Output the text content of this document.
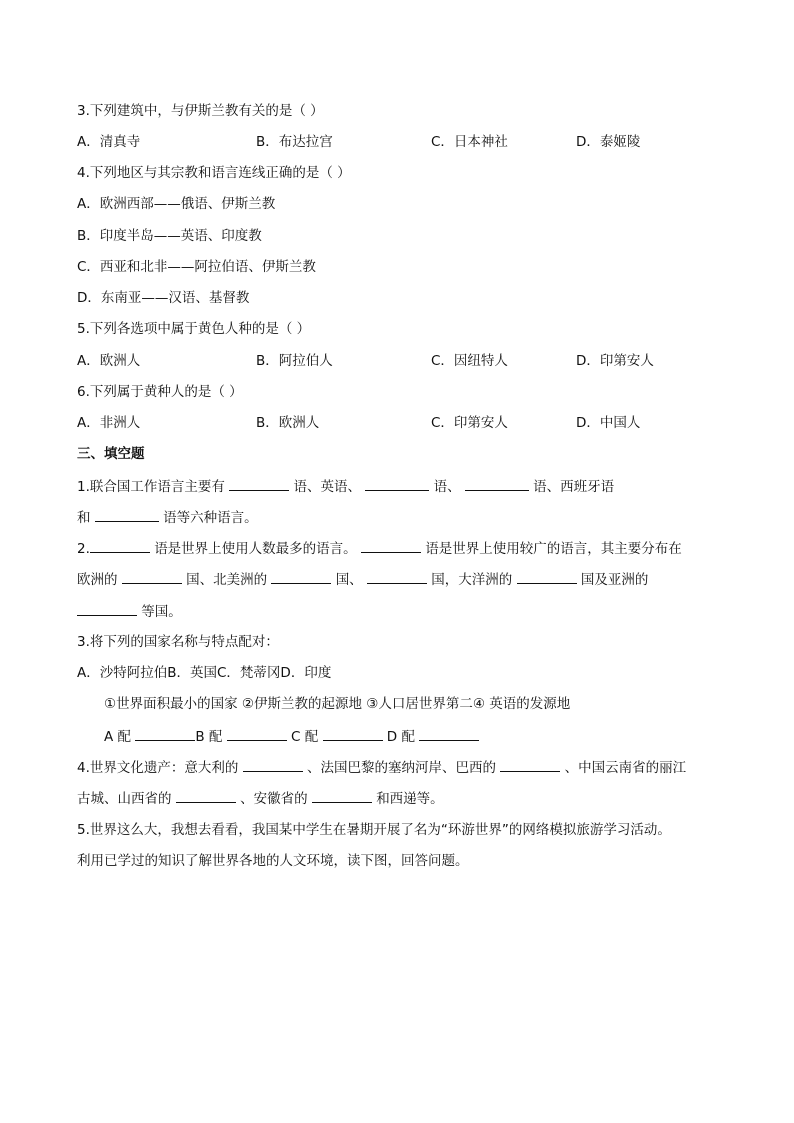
3.下列建筑中，与伊斯兰教有关的是（ ）
A．清真寺	B．布达拉宫	C．日本神社	D．泰姬陵
4.下列地区与其宗教和语言连线正确的是（ ）
A．欧洲西部——俄语、伊斯兰教
B．印度半岛——英语、印度教
C．西亚和北非——阿拉伯语、伊斯兰教
D．东南亚——汉语、基督教
5.下列各选项中属于黄色人种的是（ ）
A．欧洲人	B．阿拉伯人	C．因纽特人	D．印第安人
6.下列属于黄种人的是（ ）
A．非洲人	B．欧洲人	C．印第安人	D．中国人
三、填空题
1.联合国工作语言主要有	语、英语、	语、	语、西班牙语
和	语等六种语言。
2.	语是世界上使用人数最多的语言。	语是世界上使用较广的语言，其主要分布在
欧洲的	国、北美洲的	国、	国，大洋洲的	国及亚洲的
等国。
3.将下列的国家名称与特点配对：
A．沙特阿拉伯B．英国C．梵蒂冈D．印度
①世界面积最小的国家 ②伊斯兰教的起源地 ③人口居世界第二④ 英语的发源地
A 配	B 配	C 配	D 配
4.世界文化遗产：意大利的	、法国巴黎的塞纳河岸、巴西的	、中国云南省的丽江
古城、山西省的	、安徽省的	和西递等。
5.世界这么大，我想去看看，我国某中学生在暑期开展了名为“环游世界”的网络模拟旅游学习活动。
利用已学过的知识了解世界各地的人文环境，读下图，回答问题。
